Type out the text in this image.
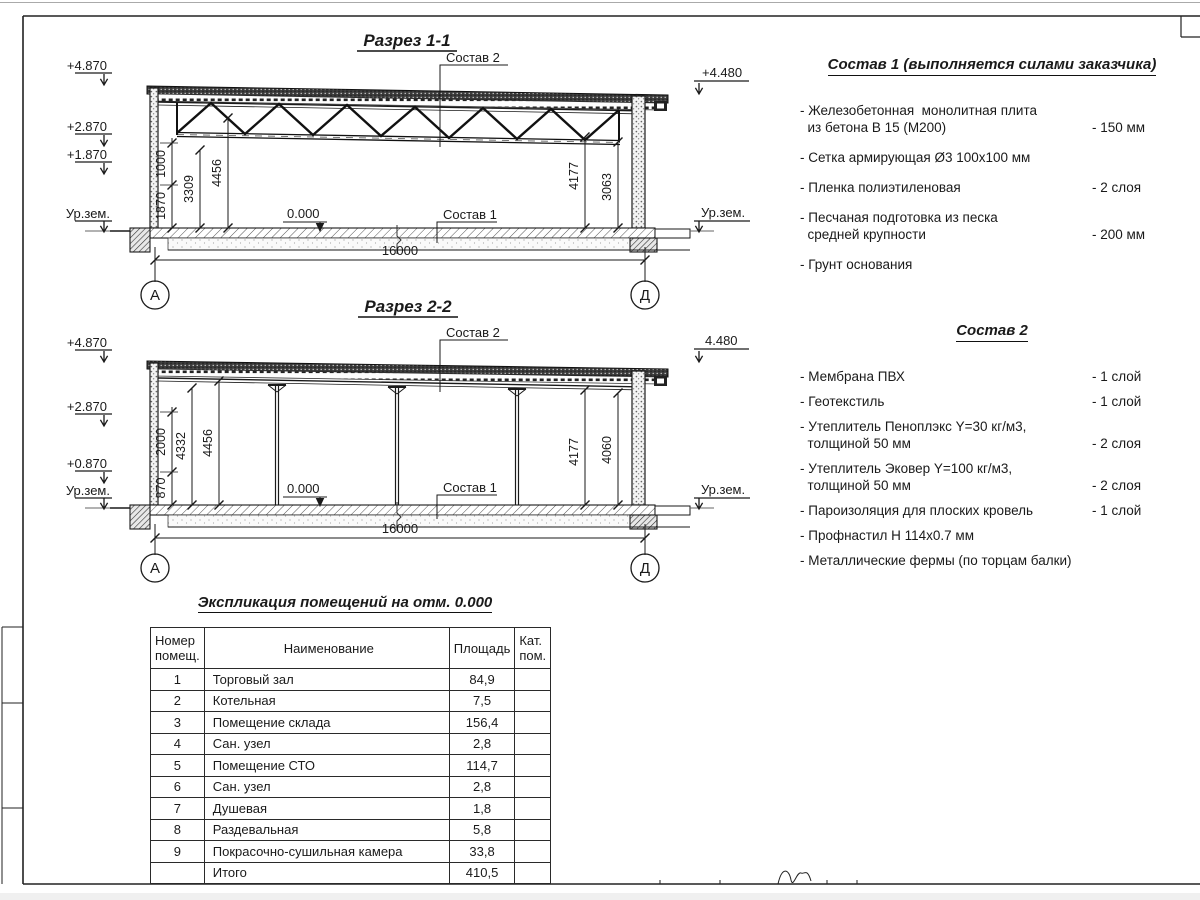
Разрез 1-1
+4.870
+2.870
+1.870
Ур.зем.
+4.480
Ур.зем.
Состав 2
Состав 1
0.000
1000
1870
3309
4456	4177 3063
16000
А	Д
Разрез 2-2
+4.870
+2.870
+0.870
Ур.зем.
4.480
Ур.зем.
Состав 2
Состав 1
0.000
2000
870
4332 4456	4177 4060
16000
А	Д
Состав 1 (выполняется силами заказчика)
- Железобетонная  монолитная плита
из бетона В 15 (М200)	- 150 мм
- Сетка армирующая Ø3 100х100 мм
- Пленка полиэтиленовая	- 2 слоя
- Песчаная подготовка из песка
средней крупности	- 200 мм
- Грунт основания
Состав 2
- Мембрана ПВХ	- 1 слой
- Геотекстиль	- 1 слой
- Утеплитель Пеноплэкс Y=30 кг/м3,
толщиной 50 мм	- 2 слоя
- Утеплитель Эковер Y=100 кг/м3,
толщиной 50 мм	- 2 слоя
- Пароизоляция для плоских кровель	- 1 слой
- Профнастил Н 114х0.7 мм
- Металлические фермы (по торцам балки)
Экспликация помещений на отм. 0.000
Номер
помещ.	Наименование	Площадь	Кат.
пом.

1	Торговый зал	84,9	
2	Котельная	7,5	
3	Помещение склада	156,4	
4	Сан. узел	2,8	
5	Помещение СТО	114,7	
6	Сан. узел	2,8	
7	Душевая	1,8	
8	Раздевальная	5,8	
9	Покрасочно-сушильная камера	33,8	
	Итого	410,5	
